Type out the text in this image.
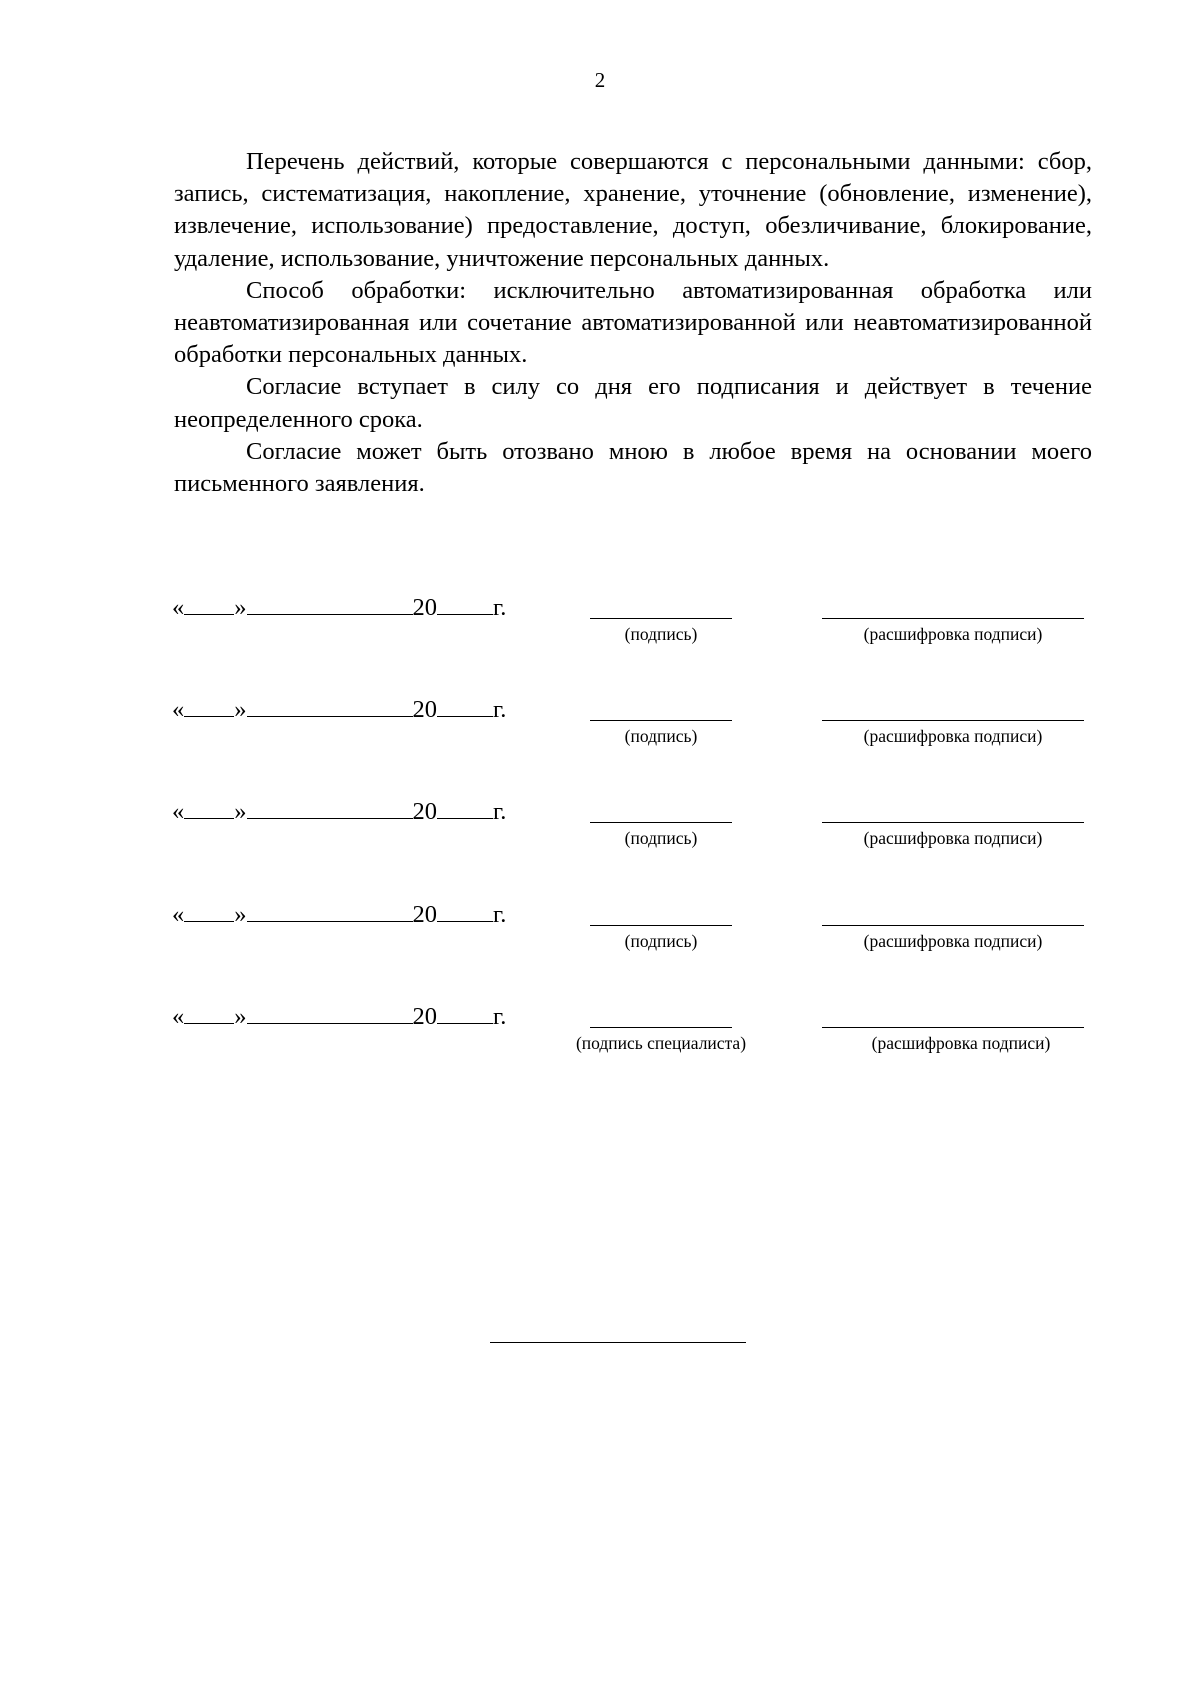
2

Перечень действий, которые совершаются с персональными данными: сбор, запись, систематизация, накопление, хранение, уточнение (обновление, изменение), извлечение, использование) предоставление, доступ, обезличивание, блокирование, удаление, использование, уничтожение персональных данных.

Способ обработки: исключительно автоматизированная обработка или неавтоматизированная или сочетание автоматизированной или неавтоматизированной обработки персональных данных.

Согласие вступает в силу со дня его подписания и действует в течение неопределенного срока.

Согласие может быть отозвано мною в любое время на основании моего письменного заявления.

« »	20 г.
(подпись)	(расшифровка подписи)
« »	20 г.
(подпись)	(расшифровка подписи)
« »	20 г.
(подпись)	(расшифровка подписи)
« »	20 г.
(подпись)	(расшифровка подписи)
« »	20 г.
(подпись специалиста)	(расшифровка подписи)
